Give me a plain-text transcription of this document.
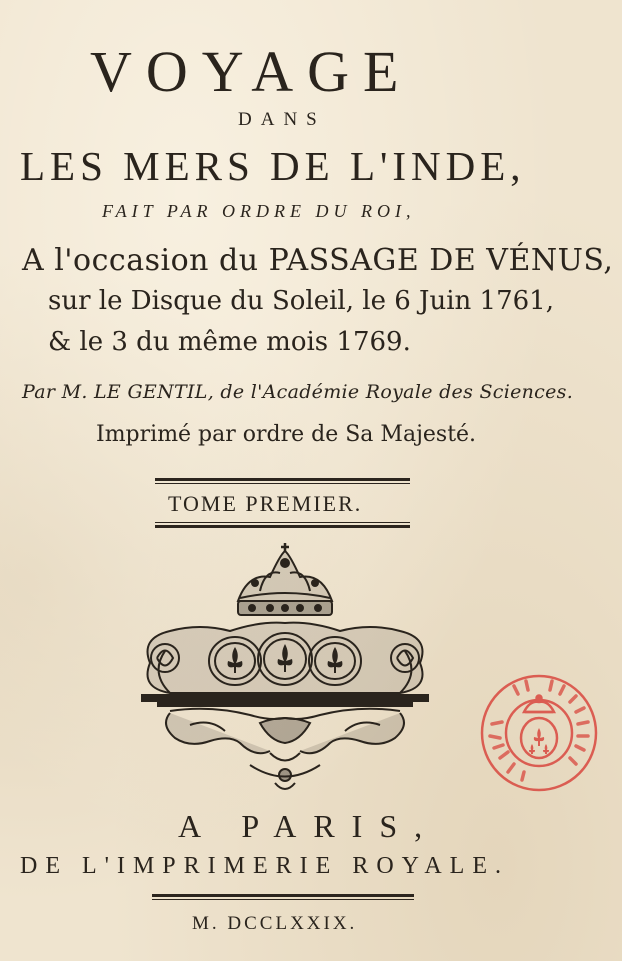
VOYAGE
DANS
LES MERS DE L'INDE,
FAIT PAR ORDRE DU ROI,
A l'occasion du PASSAGE DE VÉNUS,
sur le Disque du Soleil, le 6 Juin 1761,
& le 3 du même mois 1769.
Par M. LE GENTIL, de l'Académie Royale des Sciences.
Imprimé par ordre de Sa Majesté.
TOME PREMIER.
A PARIS,
DE L'IMPRIMERIE ROYALE.
M. DCCLXXIX.
